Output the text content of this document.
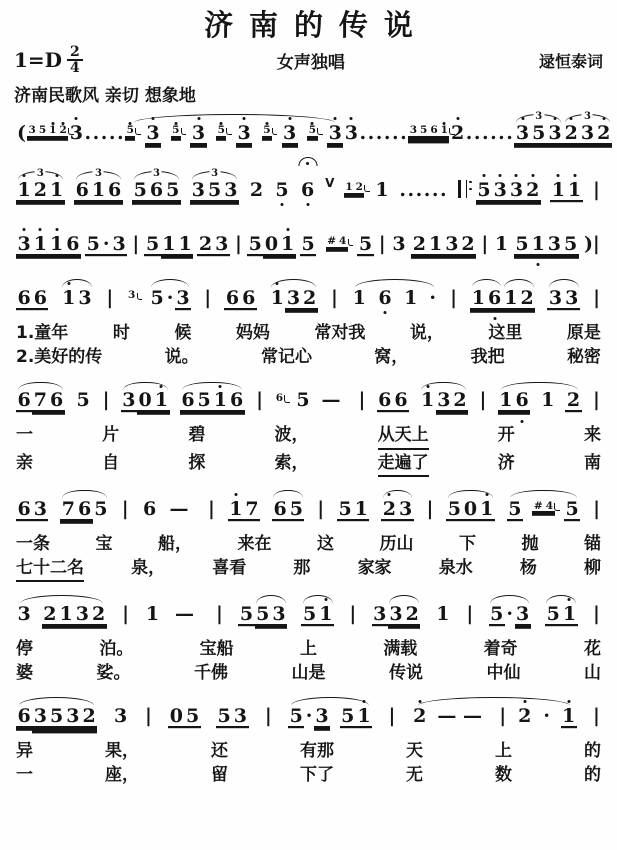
济南的传说
$1=D \frac{2}{4}$	女声独唱	逯恒泰词
济南民歌风 亲切 想象地
( 3 5 1 2 3 ..... 5 3 5 3 5 3 5 3 5 3 3 ...... 3 5 6 1 2 ...... 3 5 3
3
2 3 2
3
1 2 1
3
6 1 6
3
5 6 5
3
3 5 3
3
2 5 6 V 1 2 1 ...... 5 3 3 2 1 1 |
3 1 1 6 5 · 3 | 5 1 1 2 3 | 5 0 1 5 # 4 5 | 3 2 1 3 2 | 1 5 1 3 5 )|
6 6 1 3 | 3 5 · 3 | 6 6 1 3 2 | 1 6 1 · | 1 6 1 2 3 3 |
1.童年	时	候	妈妈	常对我	说，	这里	原是
2.美好的传	说。	常记心	窝，	我把	秘密
6 7 6 5 | 3 0 1 6 5 1 6 | 6 5 — | 6 6 1 3 2 | 1 6 1 2 |
一	片	碧	波，	从天上	开	来
亲	自	探	索，	走遍了	济	南
6 3 7 6 5 | 6 — | 1 7 6 5 | 5 1 2 3 | 5 0 1 5 # 4 5 |
一条	宝	船，	来在	这	历山	下	抛	锚
七十二名	泉，	喜看	那	家家	泉水	杨	柳
3 2 1 3 2 | 1 — | 5 5 3 5 1 | 3 3 2 1 | 5 · 3 5 1 |
停	泊。	宝船	上	满载	着奇	花
婆	娑。	千佛	山是	传说	中仙	山
6 3 5 3 2 3 | 0 5 5 3 | 5 · 3 5 1 | 2 —— | 2 · 1 |
异	果，	还	有那	天	上	的
一	座，	留	下了	无	数	的
